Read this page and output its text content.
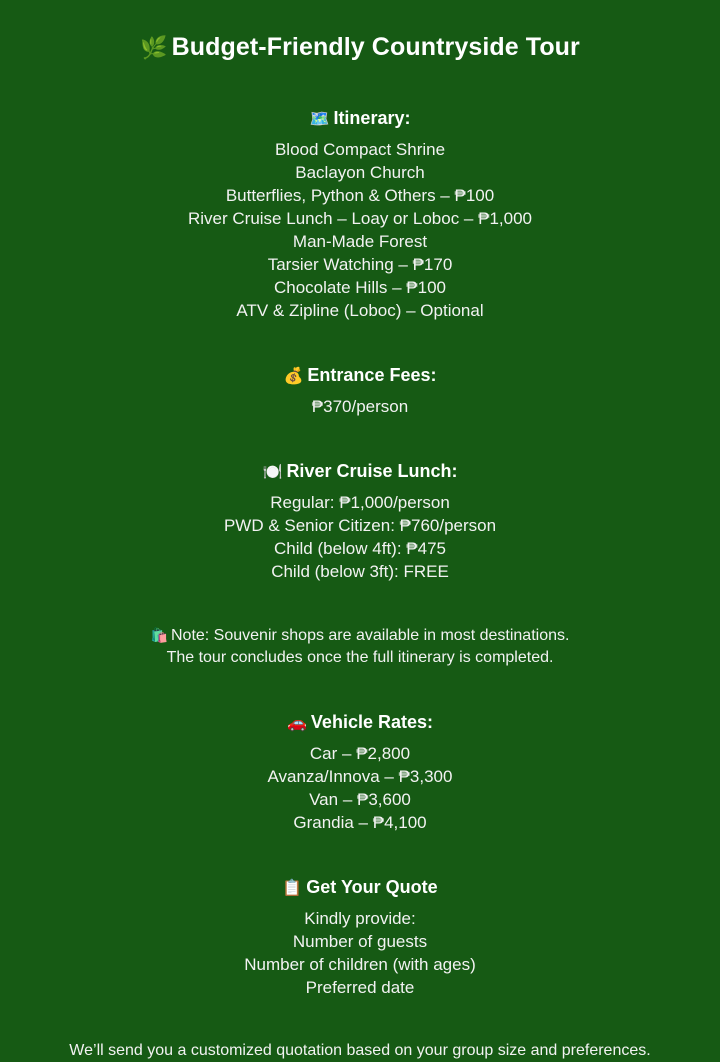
🌿 Budget-Friendly Countryside Tour
🗺️ Itinerary:
Blood Compact Shrine
Baclayon Church
Butterflies, Python & Others – ₱100
River Cruise Lunch – Loay or Loboc – ₱1,000
Man-Made Forest
Tarsier Watching – ₱170
Chocolate Hills – ₱100
ATV & Zipline (Loboc) – Optional
💰 Entrance Fees:
₱370/person
🍽️ River Cruise Lunch:
Regular: ₱1,000/person
PWD & Senior Citizen: ₱760/person
Child (below 4ft): ₱475
Child (below 3ft): FREE
🛍️ Note: Souvenir shops are available in most destinations.
The tour concludes once the full itinerary is completed.
🚗 Vehicle Rates:
Car – ₱2,800
Avanza/Innova – ₱3,300
Van – ₱3,600
Grandia – ₱4,100
📋 Get Your Quote
Kindly provide:
Number of guests
Number of children (with ages)
Preferred date
We’ll send you a customized quotation based on your group size and preferences.
